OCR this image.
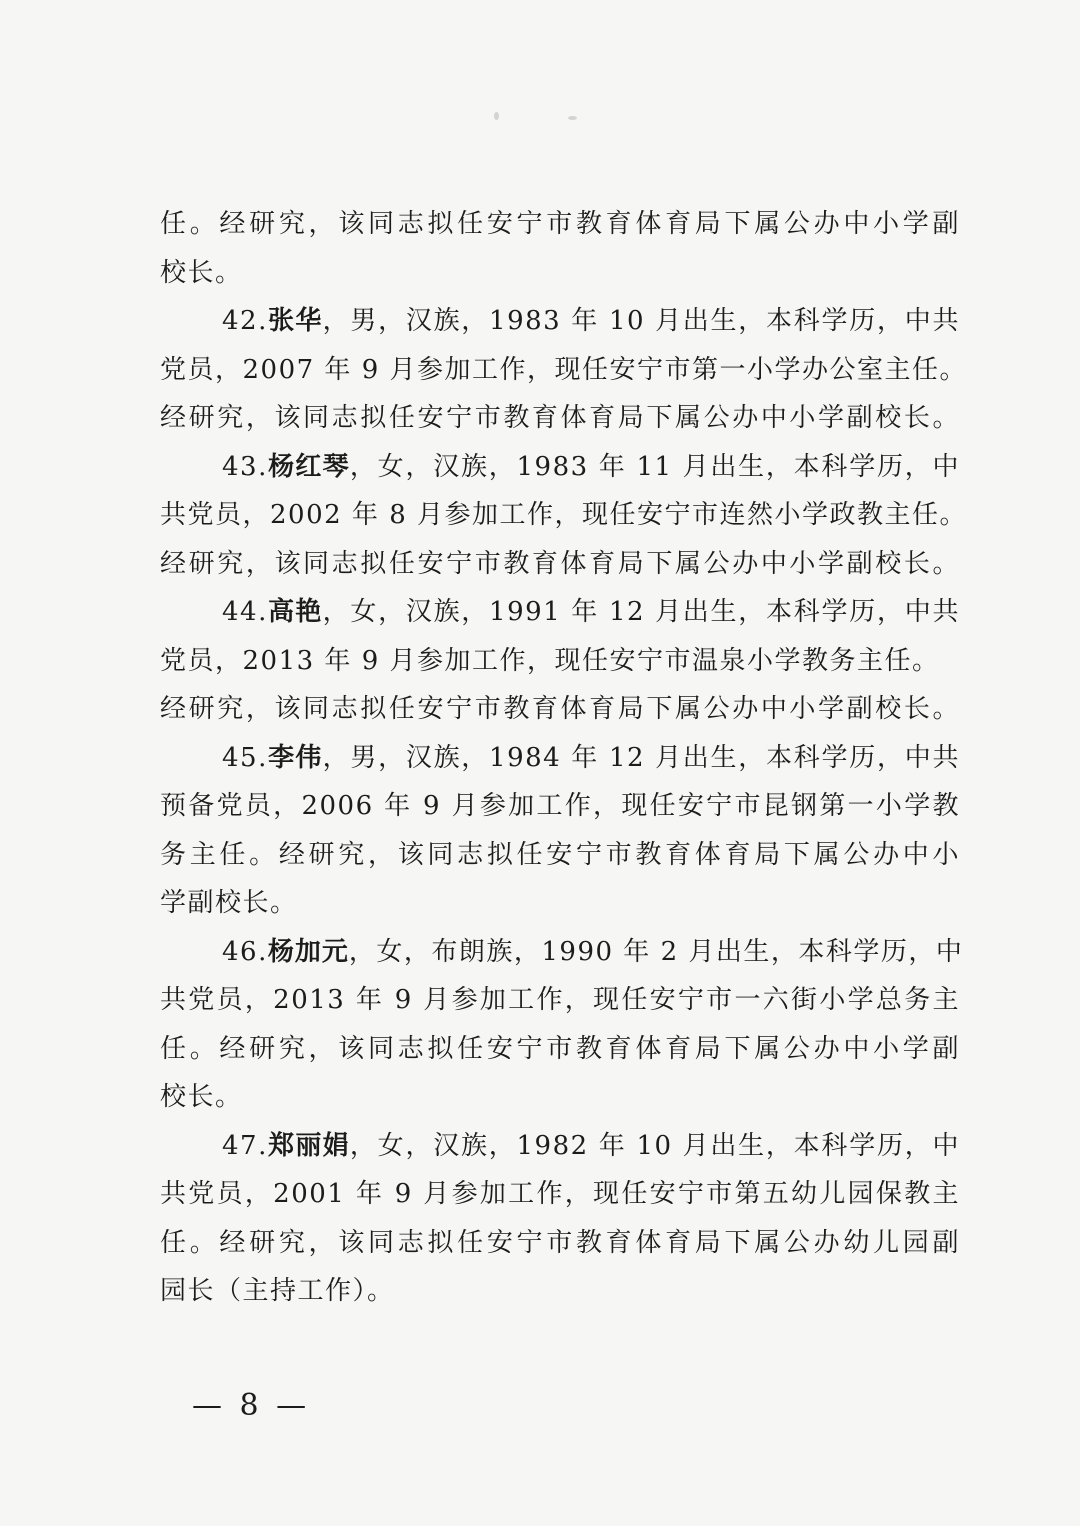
任。经研究，该同志拟任安宁市教育体育局下属公办中小学副
校长。
42.张华，男，汉族，1983 年 10 月出生，本科学历，中共
党员，2007 年 9 月参加工作，现任安宁市第一小学办公室主任。
经研究，该同志拟任安宁市教育体育局下属公办中小学副校长。
43.杨红琴，女，汉族，1983 年 11 月出生，本科学历，中
共党员，2002 年 8 月参加工作，现任安宁市连然小学政教主任。
经研究，该同志拟任安宁市教育体育局下属公办中小学副校长。
44.高艳，女，汉族，1991 年 12 月出生，本科学历，中共
党员，2013 年 9 月参加工作，现任安宁市温泉小学教务主任。
经研究，该同志拟任安宁市教育体育局下属公办中小学副校长。
45.李伟，男，汉族，1984 年 12 月出生，本科学历，中共
预备党员，2006 年 9 月参加工作，现任安宁市昆钢第一小学教
务主任。经研究，该同志拟任安宁市教育体育局下属公办中小
学副校长。
46.杨加元，女，布朗族，1990 年 2 月出生，本科学历，中
共党员，2013 年 9 月参加工作，现任安宁市一六街小学总务主
任。经研究，该同志拟任安宁市教育体育局下属公办中小学副
校长。
47.郑丽娟，女，汉族，1982 年 10 月出生，本科学历，中
共党员，2001 年 9 月参加工作，现任安宁市第五幼儿园保教主
任。经研究，该同志拟任安宁市教育体育局下属公办幼儿园副
园长（主持工作）。
— 8 —
